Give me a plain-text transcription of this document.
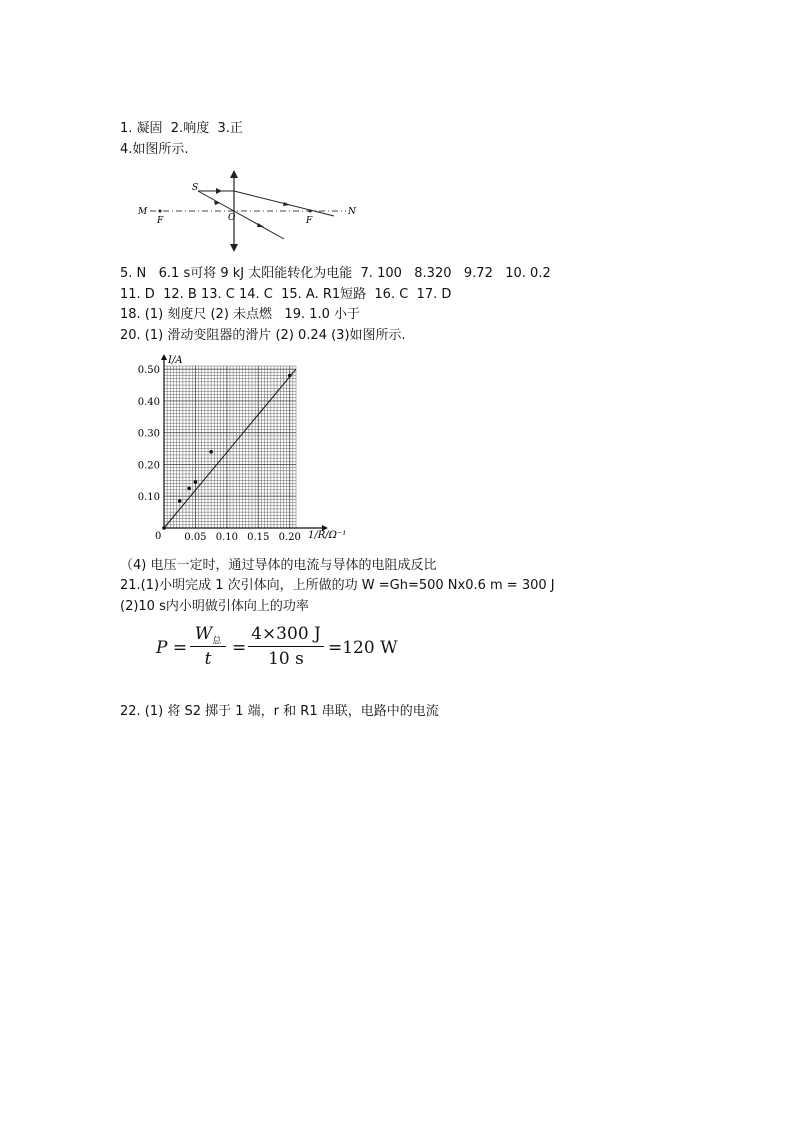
1. 凝固  2.响度  3.正
4.如图所示.
S
M	N
F	F
O
5. N   6.1 s可将 9 kJ 太阳能转化为电能  7. 100   8.320   9.72   10. 0.2
11. D  12. B 13. C 14. C  15. A. R1短路  16. C  17. D
18. (1) 刻度尺 (2) 未点燃   19. 1.0 小于
20. (1) 滑动变阻器的滑片 (2) 0.24 (3)如图所示.
0.10
0.20
0.30
0.40
0.50
0.05 0.10 0.15 0.20
I/A
1/R/Ω⁻¹
0
（4) 电压一定时，通过导体的电流与导体的电阻成反比
21.(1)小明完成 1 次引体向，上所做的功 W =Gh=500 Nx0.6 m = 300 J
(2)10 s内小明做引体向上的功率
P =
$W_总$
t
=
4×300 J
10 s
=120 W
22. (1) 将 S2 掷于 1 端，r 和 R1 串联，电路中的电流
